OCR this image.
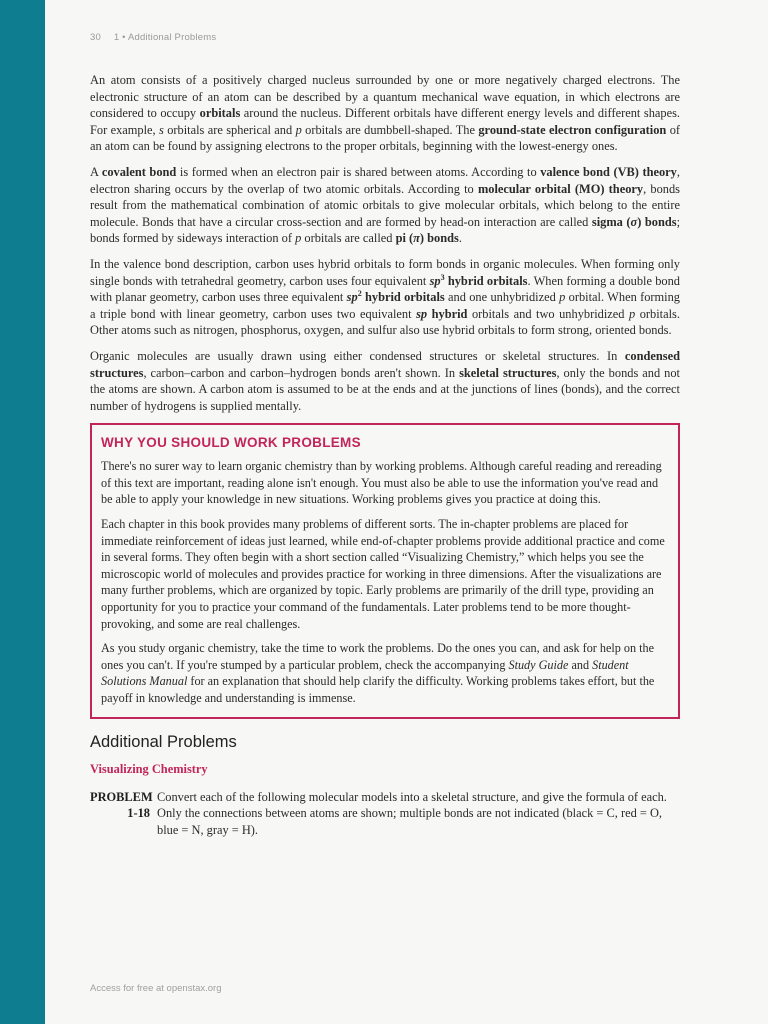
30 1 • Additional Problems

An atom consists of a positively charged nucleus surrounded by one or more negatively charged electrons. The electronic structure of an atom can be described by a quantum mechanical wave equation, in which electrons are considered to occupy orbitals around the nucleus. Different orbitals have different energy levels and different shapes. For example, s orbitals are spherical and p orbitals are dumbbell-shaped. The ground-state electron configuration of an atom can be found by assigning electrons to the proper orbitals, beginning with the lowest-energy ones.

A covalent bond is formed when an electron pair is shared between atoms. According to valence bond (VB) theory, electron sharing occurs by the overlap of two atomic orbitals. According to molecular orbital (MO) theory, bonds result from the mathematical combination of atomic orbitals to give molecular orbitals, which belong to the entire molecule. Bonds that have a circular cross-section and are formed by head-on interaction are called sigma (σ) bonds; bonds formed by sideways interaction of p orbitals are called pi (π) bonds.

In the valence bond description, carbon uses hybrid orbitals to form bonds in organic molecules. When forming only single bonds with tetrahedral geometry, carbon uses four equivalent $sp^3$ hybrid orbitals. When forming a double bond with planar geometry, carbon uses three equivalent $sp^2$ hybrid orbitals and one unhybridized p orbital. When forming a triple bond with linear geometry, carbon uses two equivalent sp hybrid orbitals and two unhybridized p orbitals. Other atoms such as nitrogen, phosphorus, oxygen, and sulfur also use hybrid orbitals to form strong, oriented bonds.

Organic molecules are usually drawn using either condensed structures or skeletal structures. In condensed structures, carbon–carbon and carbon–hydrogen bonds aren't shown. In skeletal structures, only the bonds and not the atoms are shown. A carbon atom is assumed to be at the ends and at the junctions of lines (bonds), and the correct number of hydrogens is supplied mentally.

WHY YOU SHOULD WORK PROBLEMS

There's no surer way to learn organic chemistry than by working problems. Although careful reading and rereading of this text are important, reading alone isn't enough. You must also be able to use the information you've read and be able to apply your knowledge in new situations. Working problems gives you practice at doing this.

Each chapter in this book provides many problems of different sorts. The in-chapter problems are placed for immediate reinforcement of ideas just learned, while end-of-chapter problems provide additional practice and come in several forms. They often begin with a short section called “Visualizing Chemistry,” which helps you see the microscopic world of molecules and provides practice for working in three dimensions. After the visualizations are many further problems, which are organized by topic. Early problems are primarily of the drill type, providing an opportunity for you to practice your command of the fundamentals. Later problems tend to be more thought-provoking, and some are real challenges.

As you study organic chemistry, take the time to work the problems. Do the ones you can, and ask for help on the ones you can't. If you're stumped by a particular problem, check the accompanying Study Guide and Student Solutions Manual for an explanation that should help clarify the difficulty. Working problems takes effort, but the payoff in knowledge and understanding is immense.

Additional Problems
Visualizing Chemistry
PROBLEM
1-18
Convert each of the following molecular models into a skeletal structure, and give the formula of each. Only the connections between atoms are shown; multiple bonds are not indicated (black = C, red = O, blue = N, gray = H).
Access for free at openstax.org
